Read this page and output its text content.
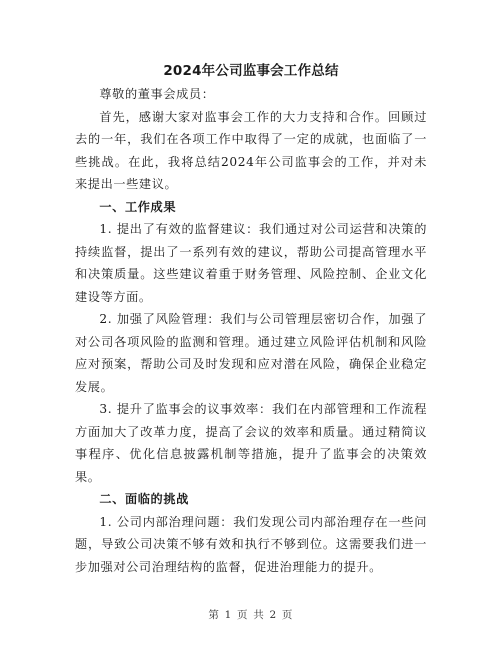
2024年公司监事会工作总结

尊敬的董事会成员：

首先，感谢大家对监事会工作的大力支持和合作。回顾过去的一年，我们在各项工作中取得了一定的成就，也面临了一些挑战。在此，我将总结2024年公司监事会的工作，并对未来提出一些建议。

一、工作成果

1. 提出了有效的监督建议：我们通过对公司运营和决策的持续监督，提出了一系列有效的建议，帮助公司提高管理水平和决策质量。这些建议着重于财务管理、风险控制、企业文化建设等方面。

2. 加强了风险管理：我们与公司管理层密切合作，加强了对公司各项风险的监测和管理。通过建立风险评估机制和风险应对预案，帮助公司及时发现和应对潜在风险，确保企业稳定发展。

3. 提升了监事会的议事效率：我们在内部管理和工作流程方面加大了改革力度，提高了会议的效率和质量。通过精简议事程序、优化信息披露机制等措施，提升了监事会的决策效果。

二、面临的挑战

1. 公司内部治理问题：我们发现公司内部治理存在一些问题，导致公司决策不够有效和执行不够到位。这需要我们进一步加强对公司治理结构的监督，促进治理能力的提升。

第 1 页 共 2 页
